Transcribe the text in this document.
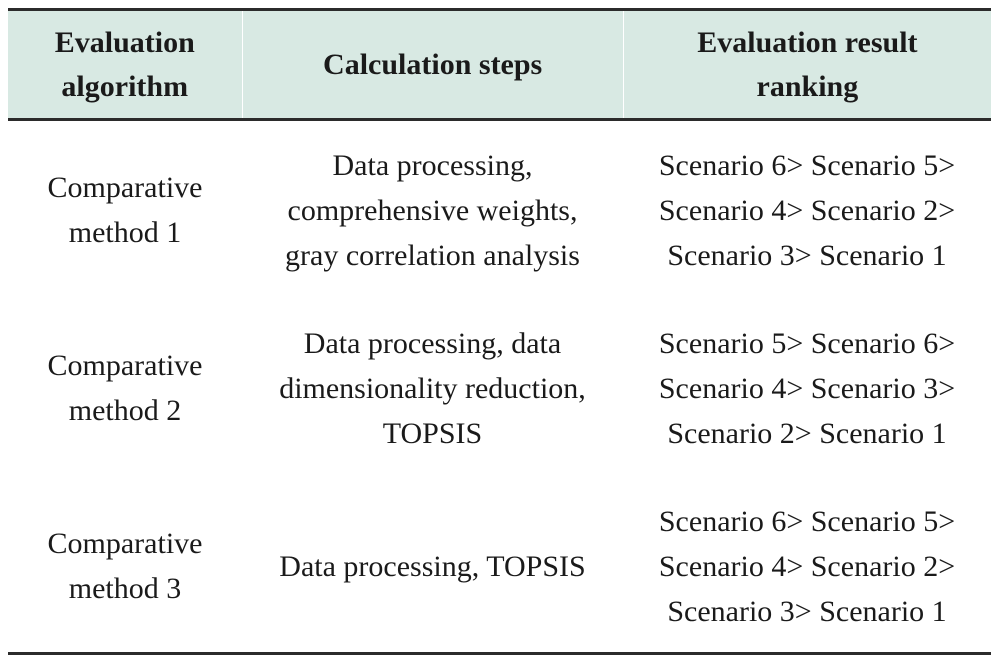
Evaluation
algorithm
Calculation steps
Evaluation result
ranking
Comparative
method 1
Data processing,
comprehensive weights,
gray correlation analysis
Scenario 6> Scenario 5>
Scenario 4> Scenario 2>
Scenario 3> Scenario 1
Comparative
method 2
Data processing, data
dimensionality reduction,
TOPSIS
Scenario 5> Scenario 6>
Scenario 4> Scenario 3>
Scenario 2> Scenario 1
Comparative
method 3
Data processing, TOPSIS
Scenario 6> Scenario 5>
Scenario 4> Scenario 2>
Scenario 3> Scenario 1
